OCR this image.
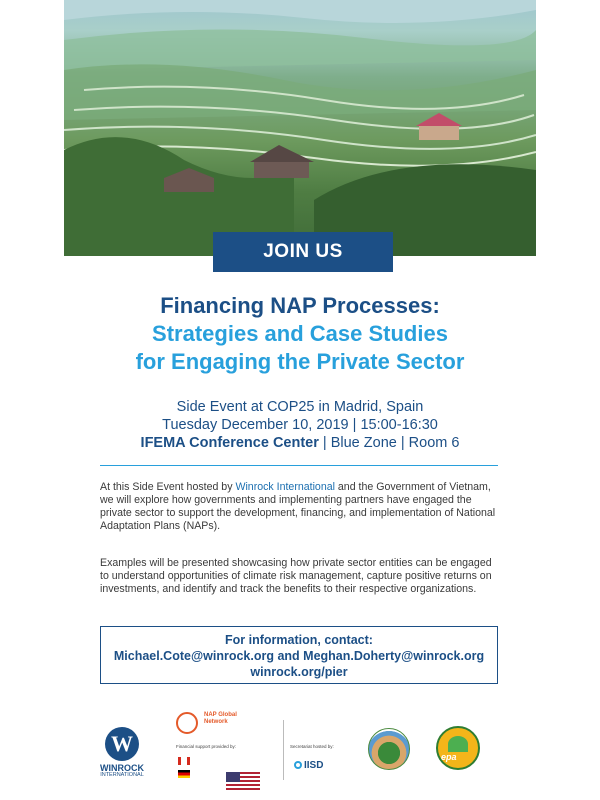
JOIN US
Financing NAP Processes:
Strategies and Case Studies
for Engaging the Private Sector
Side Event at COP25 in Madrid, Spain
Tuesday December 10, 2019 | 15:00-16:30
IFEMA Conference Center | Blue Zone | Room 6
At this Side Event hosted by Winrock International and the Government of Vietnam, we will explore how governments and implementing partners have engaged the private sector to support the development, financing, and implementation of National Adaptation Plans (NAPs).
Examples will be presented showcasing how private sector entities can be engaged to understand opportunities of climate risk management, capture positive returns on investments, and identify and track the benefits to their respective organizations.
For information, contact:
Michael.Cote@winrock.org and Meghan.Doherty@winrock.org
winrock.org/pier
W
WINROCK
INTERNATIONAL
NAP Global Network
Financial support provided by:	Secretariat hosted by:
IISD
epa
